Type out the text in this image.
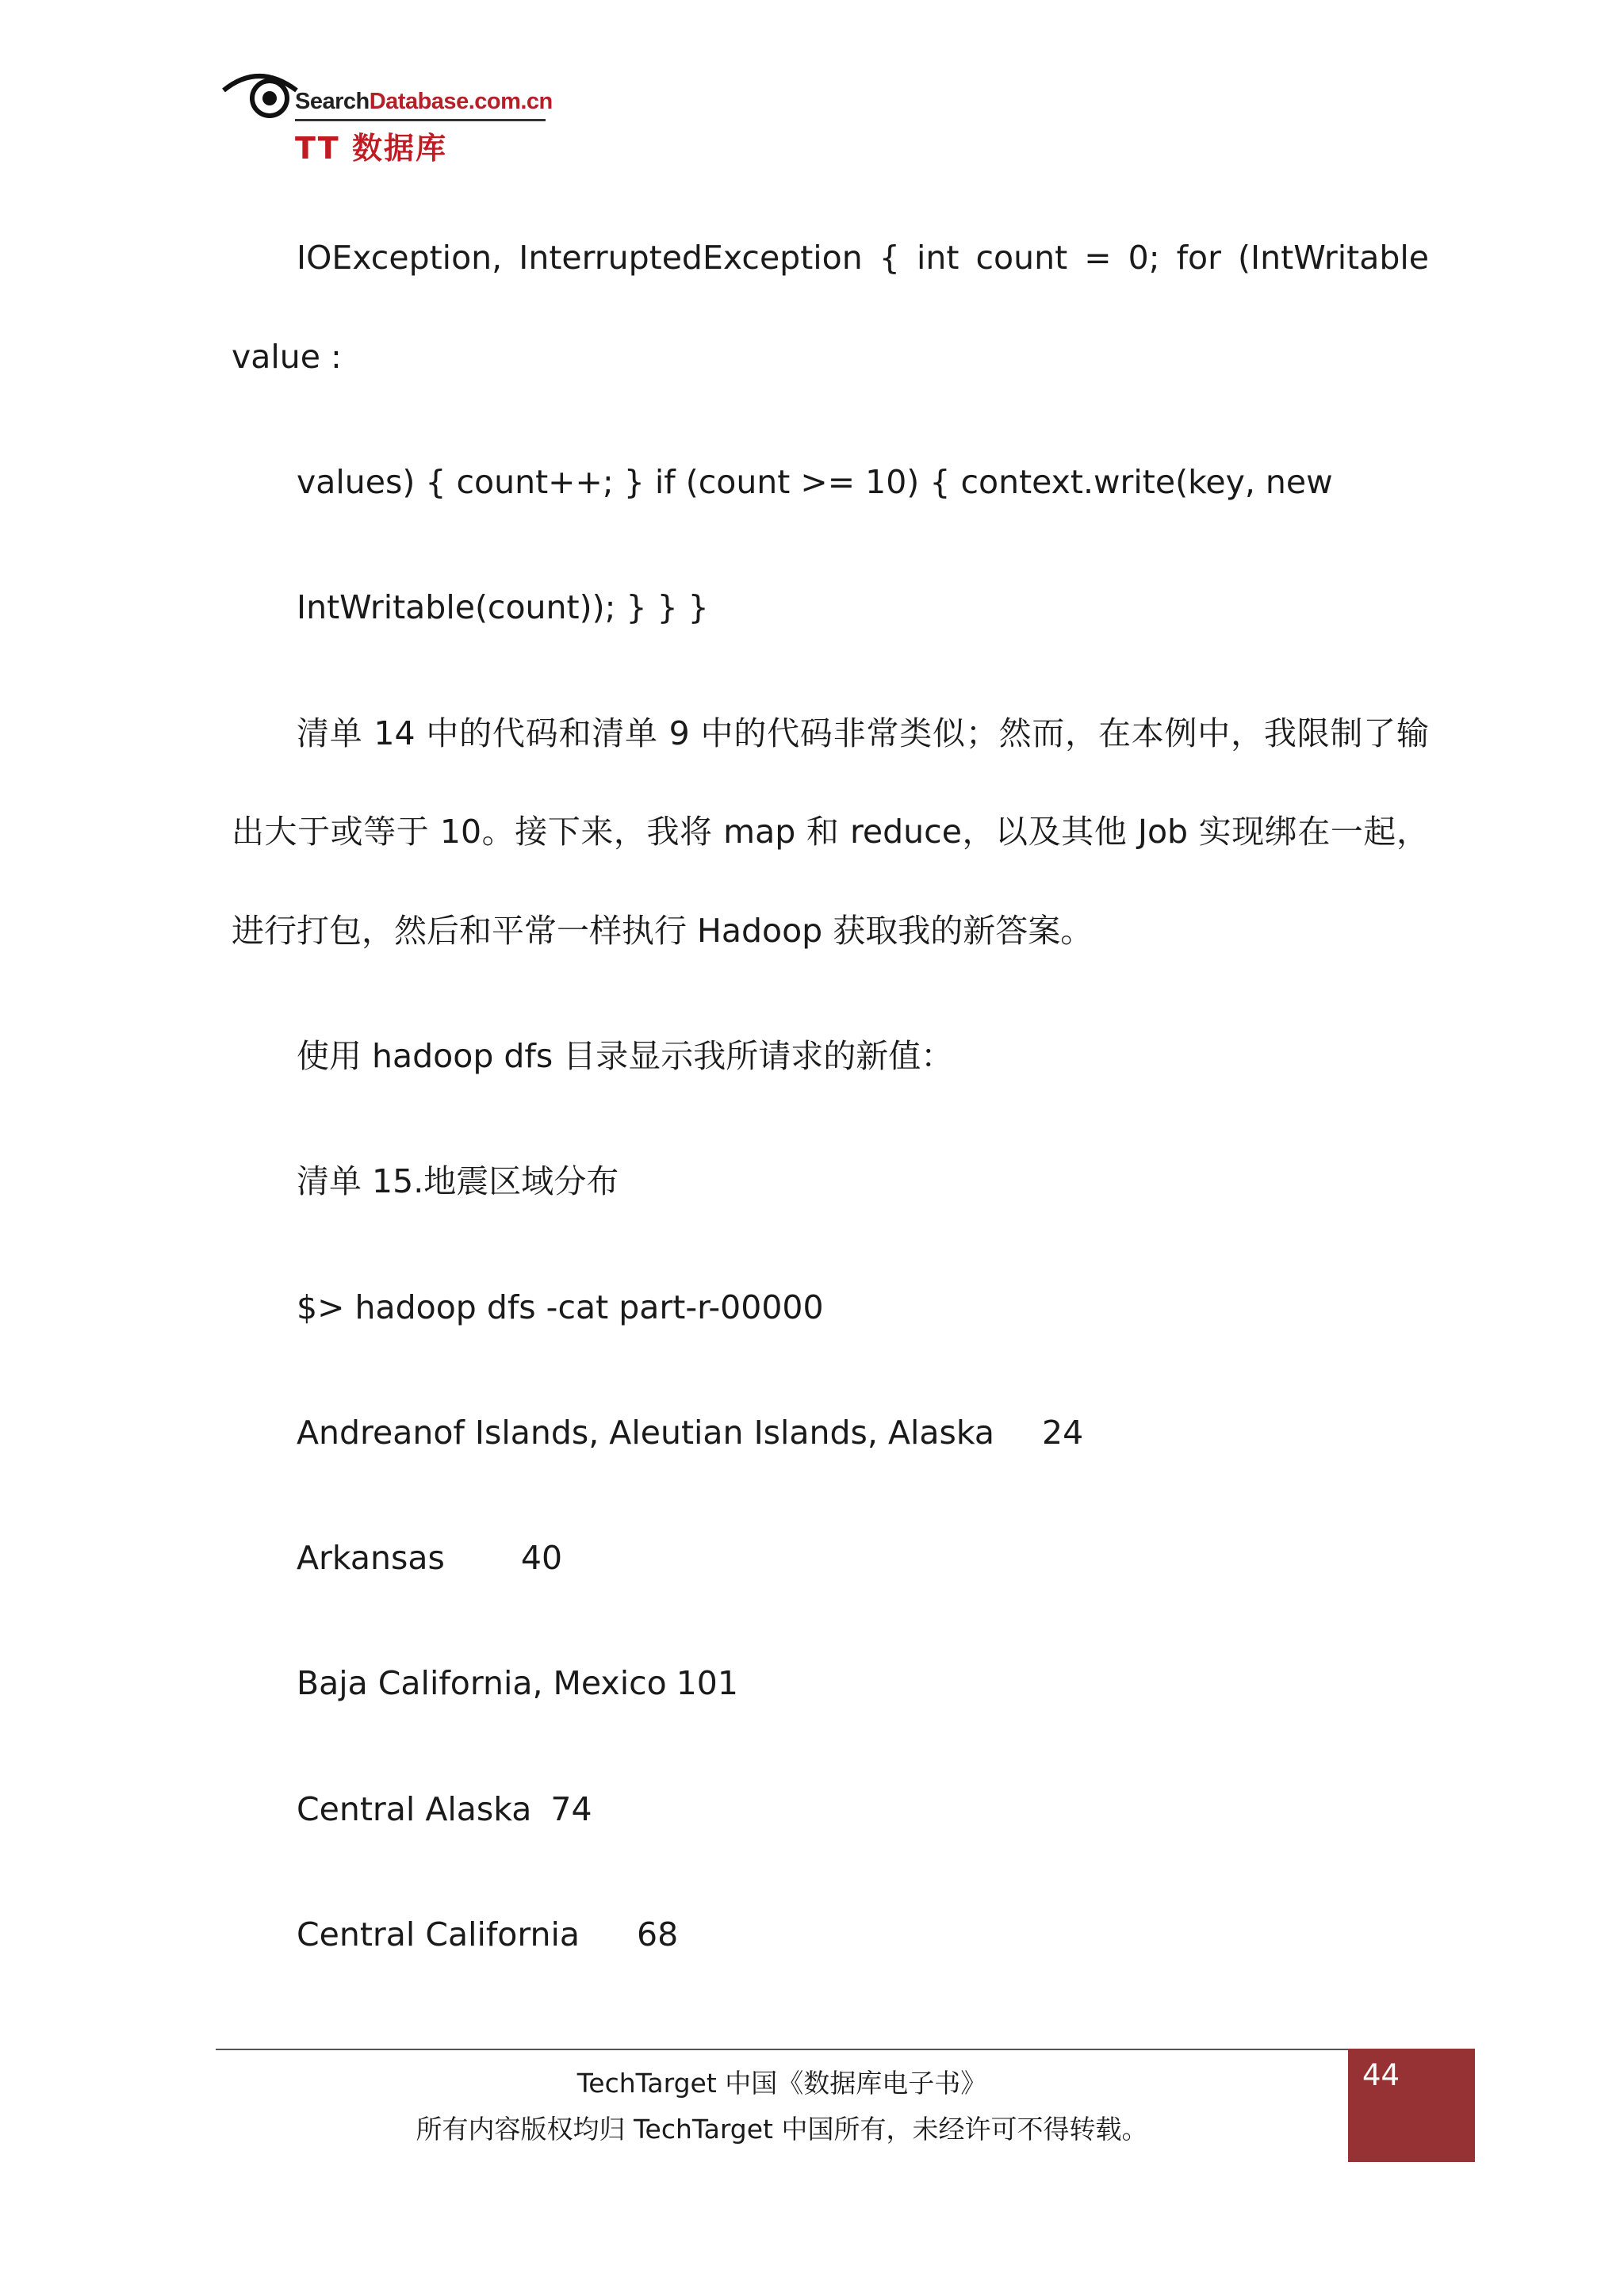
SearchDatabase.com.cn
TT 数据库
IOException, InterruptedException { int count = 0; for (IntWritable
value :
values) { count++; } if (count >= 10) { context.write(key, new
IntWritable(count)); } } }
清单 14 中的代码和清单 9 中的代码非常类似；然而，在本例中，我限制了输
出大于或等于 10。接下来，我将 map 和 reduce，以及其他 Job 实现绑在一起，
进行打包，然后和平常一样执行 Hadoop 获取我的新答案。
使用 hadoop dfs 目录显示我所请求的新值：
清单 15.地震区域分布
$> hadoop dfs -cat part-r-00000
Andreanof Islands, Aleutian Islands, Alaska 24
Arkansas 40
Baja California, Mexico 101
Central Alaska 74
Central California 68
TechTarget 中国《数据库电子书》
所有内容版权均归 TechTarget 中国所有，未经许可不得转载。
44
